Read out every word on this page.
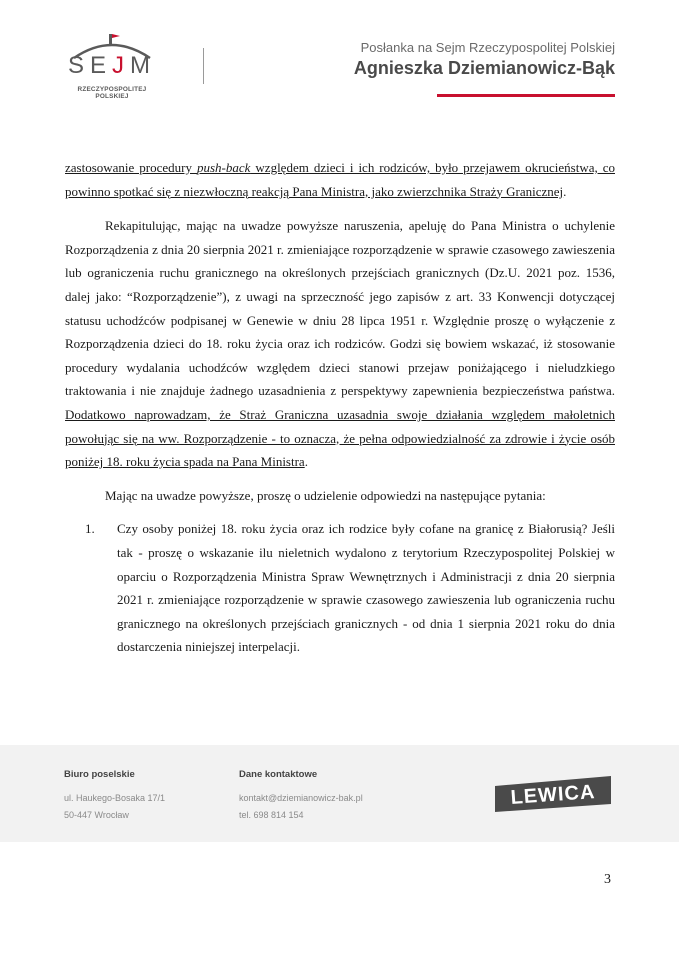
SEJM
RZECZYPOSPOLITEJ POLSKIEJ
Posłanka na Sejm Rzeczypospolitej Polskiej
Agnieszka Dziemianowicz-Bąk

zastosowanie procedury push-back względem dzieci i ich rodziców, było przejawem okrucieństwa, co powinno spotkać się z niezwłoczną reakcją Pana Ministra, jako zwierzchnika Straży Granicznej.

Rekapitulując, mając na uwadze powyższe naruszenia, apeluję do Pana Ministra o uchylenie Rozporządzenia z dnia 20 sierpnia 2021 r. zmieniające rozporządzenie w sprawie czasowego zawieszenia lub ograniczenia ruchu granicznego na określonych przejściach granicznych (Dz.U. 2021 poz. 1536, dalej jako: “Rozporządzenie”), z uwagi na sprzeczność jego zapisów z art. 33 Konwencji dotyczącej statusu uchodźców podpisanej w Genewie w dniu 28 lipca 1951 r. Względnie proszę o wyłączenie z Rozporządzenia dzieci do 18. roku życia oraz ich rodziców. Godzi się bowiem wskazać, iż stosowanie procedury wydalania uchodźców względem dzieci stanowi przejaw poniżającego i nieludzkiego traktowania i nie znajduje żadnego uzasadnienia z perspektywy zapewnienia bezpieczeństwa państwa. Dodatkowo naprowadzam, że Straż Graniczna uzasadnia swoje działania względem małoletnich powołując się na ww. Rozporządzenie - to oznacza, że pełna odpowiedzialność za zdrowie i życie osób poniżej 18. roku życia spada na Pana Ministra.

Mając na uwadze powyższe, proszę o udzielenie odpowiedzi na następujące pytania:

1.	Czy osoby poniżej 18. roku życia oraz ich rodzice były cofane na granicę z Białorusią? Jeśli tak - proszę o wskazanie ilu nieletnich wydalono z terytorium Rzeczypospolitej Polskiej w oparciu o Rozporządzenia Ministra Spraw Wewnętrznych i Administracji z dnia 20 sierpnia 2021 r. zmieniające rozporządzenie w sprawie czasowego zawieszenia lub ograniczenia ruchu granicznego na określonych przejściach granicznych - od dnia 1 sierpnia 2021 roku do dnia dostarczenia niniejszej interpelacji.
Biuro poselskie
ul. Haukego-Bosaka 17/1
50-447 Wrocław
Dane kontaktowe
kontakt@dziemianowicz-bak.pl
tel. 698 814 154
LEWICA
3
